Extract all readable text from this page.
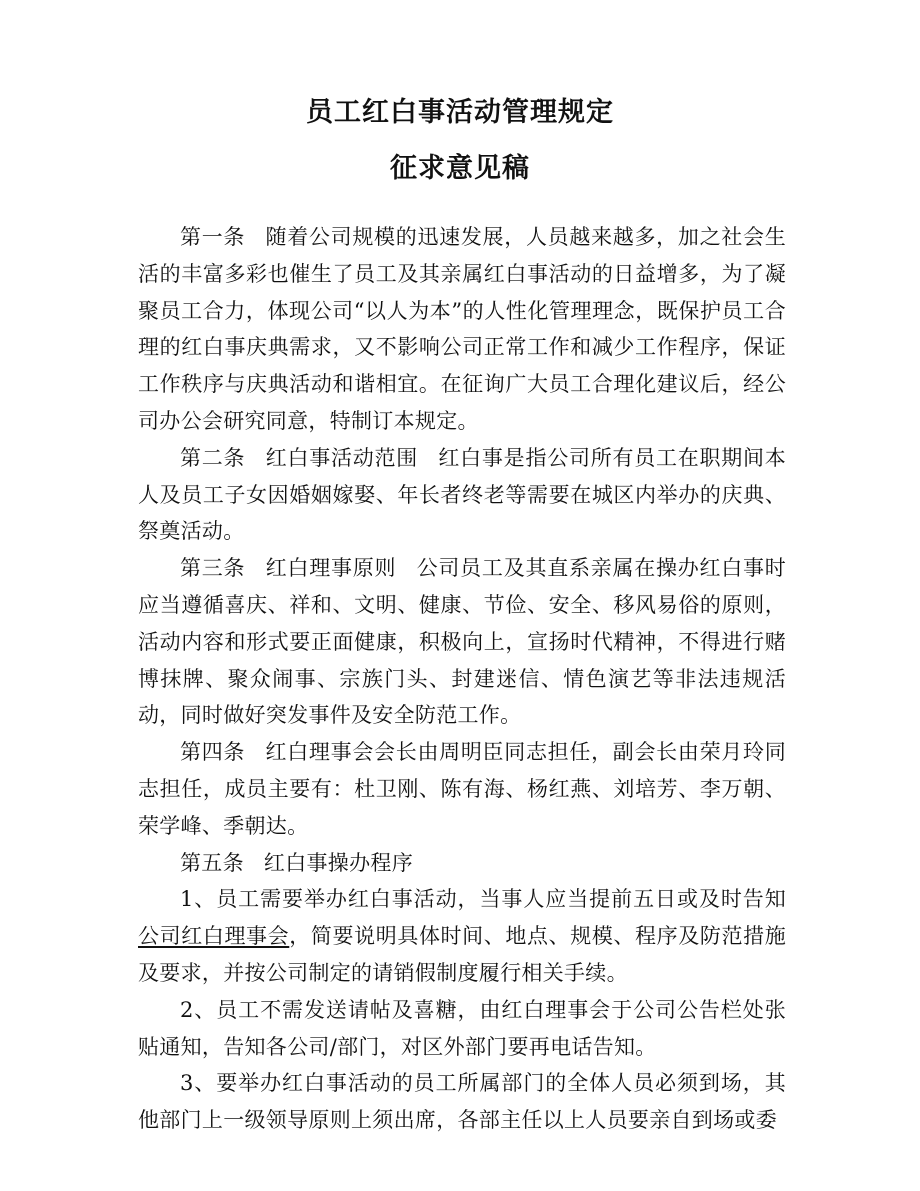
员工红白事活动管理规定
征求意见稿

第一条 随着公司规模的迅速发展，人员越来越多，加之社会生活的丰富多彩也催生了员工及其亲属红白事活动的日益增多，为了凝聚员工合力，体现公司“以人为本”的人性化管理理念，既保护员工合理的红白事庆典需求，又不影响公司正常工作和减少工作程序，保证工作秩序与庆典活动和谐相宜。在征询广大员工合理化建议后，经公司办公会研究同意，特制订本规定。

第二条 红白事活动范围 红白事是指公司所有员工在职期间本人及员工子女因婚姻嫁娶、年长者终老等需要在城区内举办的庆典、祭奠活动。

第三条 红白理事原则 公司员工及其直系亲属在操办红白事时应当遵循喜庆、祥和、文明、健康、节俭、安全、移风易俗的原则，活动内容和形式要正面健康，积极向上，宣扬时代精神，不得进行赌博抹牌、聚众闹事、宗族门头、封建迷信、情色演艺等非法违规活动，同时做好突发事件及安全防范工作。

第四条 红白理事会会长由周明臣同志担任，副会长由荣月玲同志担任，成员主要有：杜卫刚、陈有海、杨红燕、刘培芳、李万朝、荣学峰、季朝达。

第五条 红白事操办程序

1、员工需要举办红白事活动，当事人应当提前五日或及时告知公司红白理事会，简要说明具体时间、地点、规模、程序及防范措施及要求，并按公司制定的请销假制度履行相关手续。

2、员工不需发送请帖及喜糖，由红白理事会于公司公告栏处张贴通知，告知各公司/部门，对区外部门要再电话告知。

3、要举办红白事活动的员工所属部门的全体人员必须到场，其他部门上一级领导原则上须出席，各部主任以上人员要亲自到场或委
